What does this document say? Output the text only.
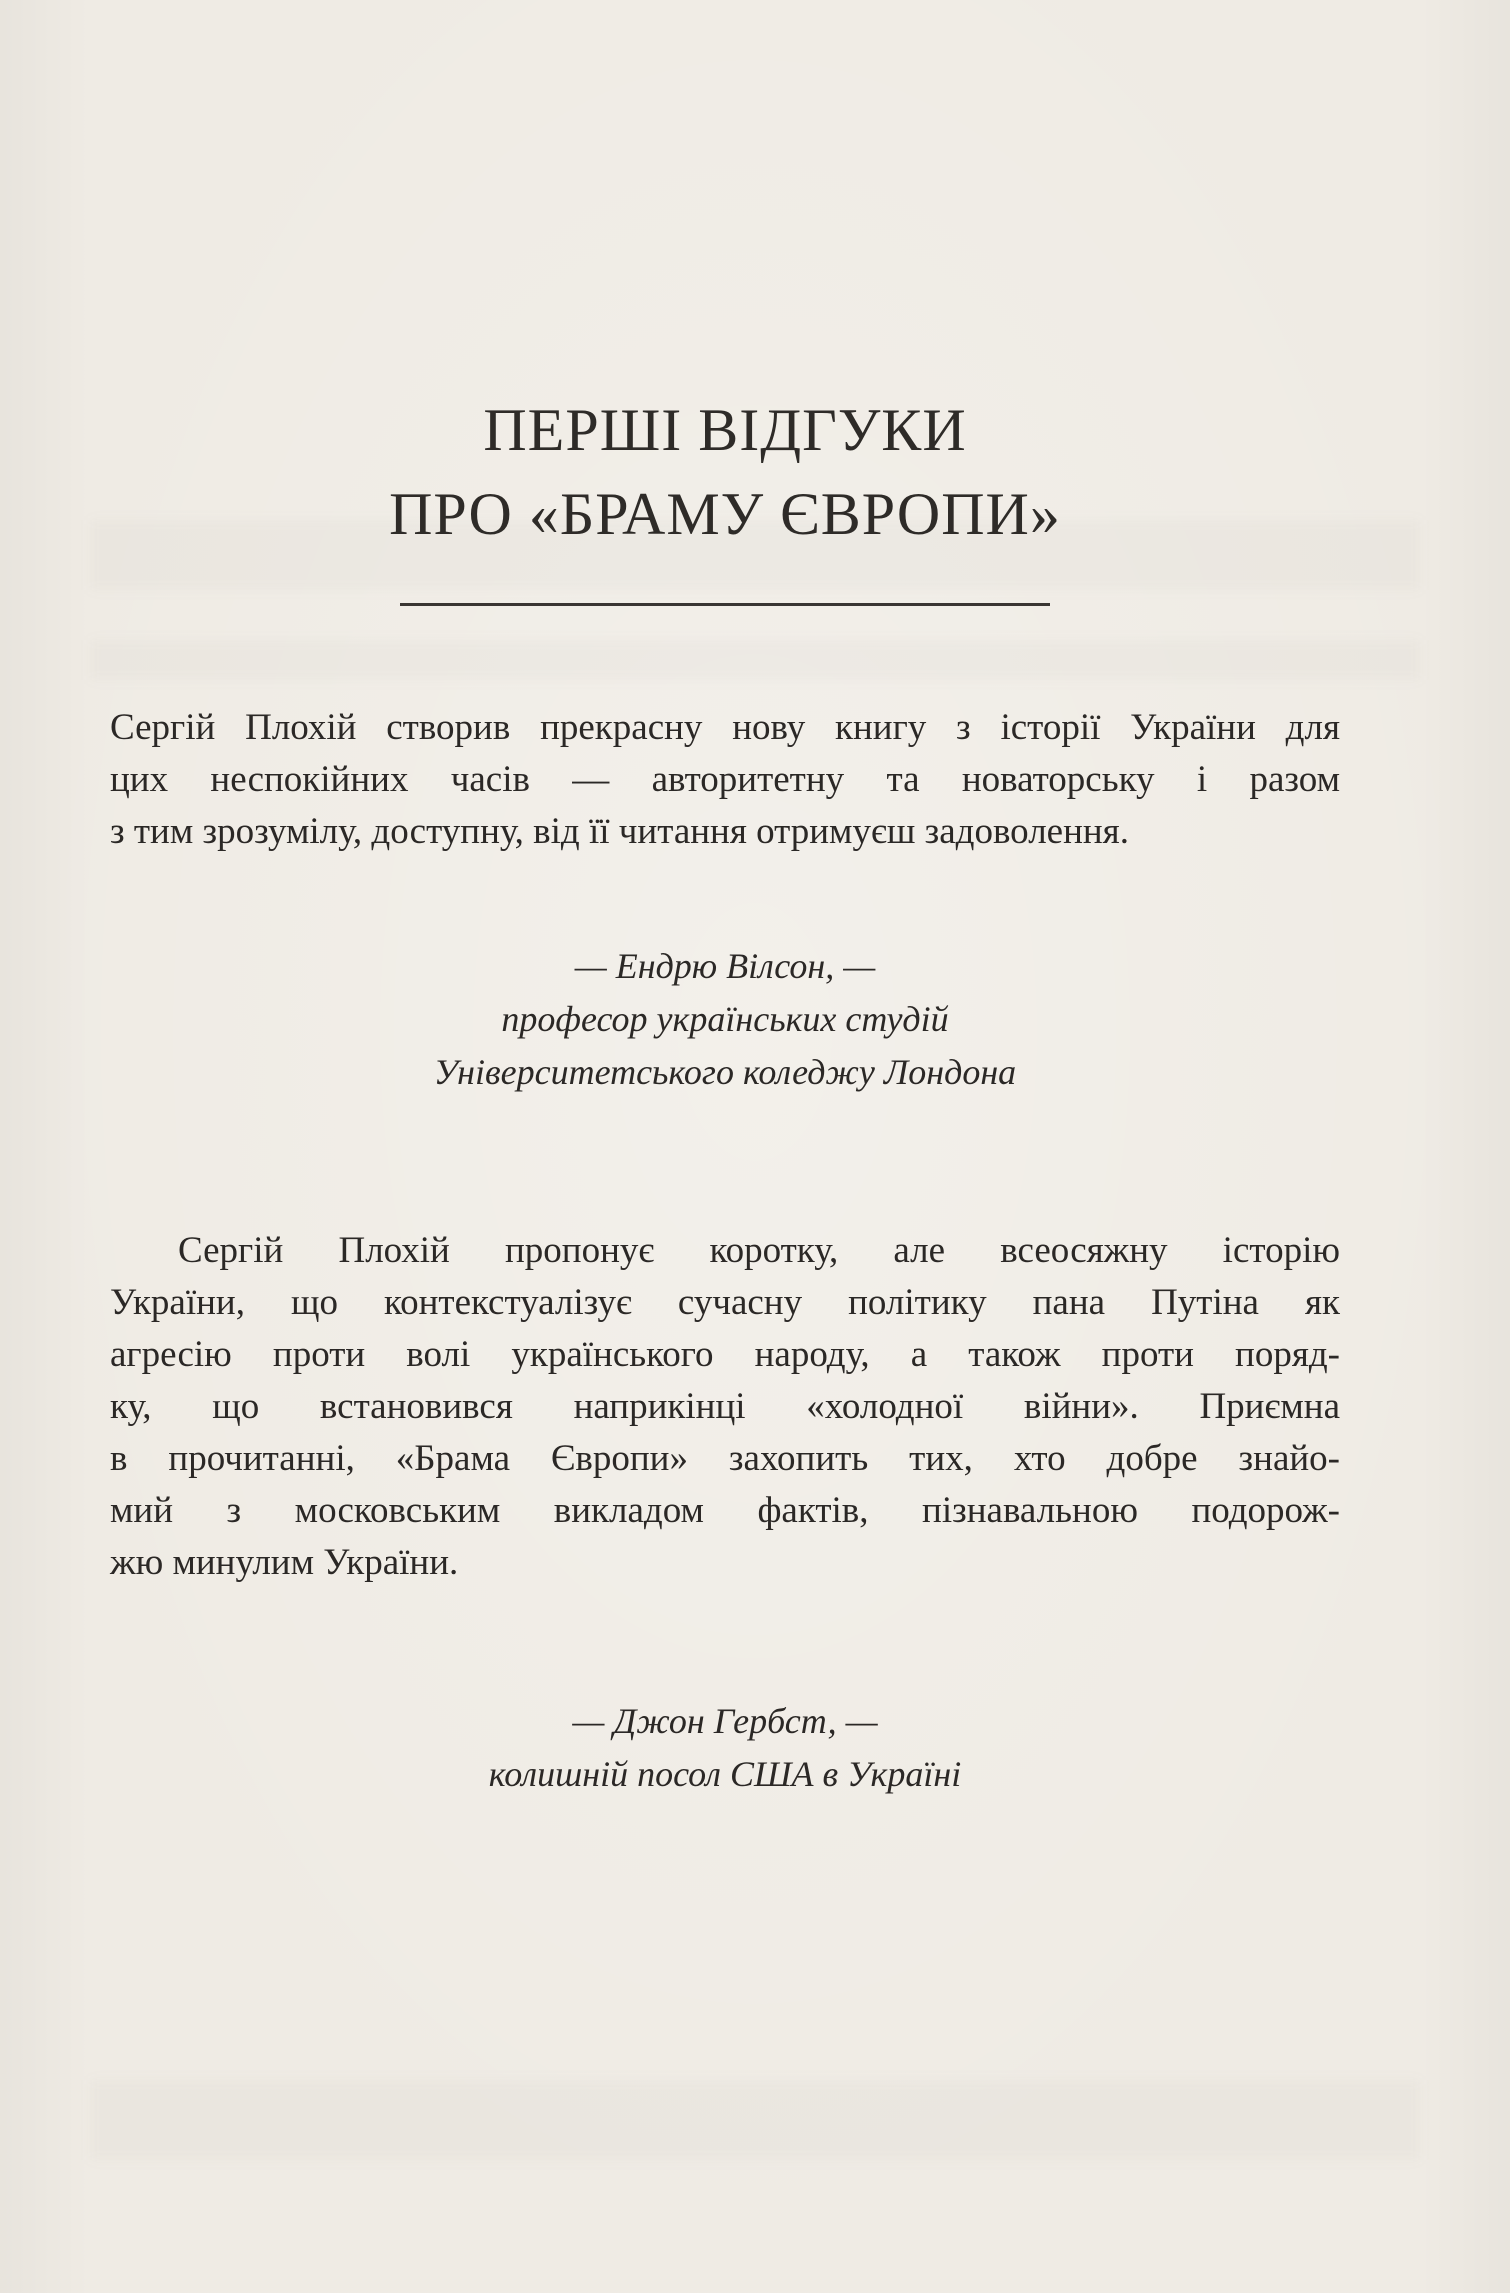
ПЕРШІ ВІДГУКИ
ПРО «БРАМУ ЄВРОПИ»
Сергій Плохій створив прекрасну нову книгу з історії України для
цих неспокійних часів — авторитетну та новаторську і разом
з тим зрозумілу, доступну, від її читання отримуєш задоволення.
— Ендрю Вілсон, —
професор українських студій
Університетського коледжу Лондона
Сергій Плохій пропонує коротку, але всеосяжну історію
України, що контекстуалізує сучасну політику пана Путіна як
агресію проти волі українського народу, а також проти поряд-
ку, що встановився наприкінці «холодної війни». Приємна
в прочитанні, «Брама Європи» захопить тих, хто добре знайо-
мий з московським викладом фактів, пізнавальною подорож-
жю минулим України.
— Джон Гербст, —
колишній посол США в Україні
